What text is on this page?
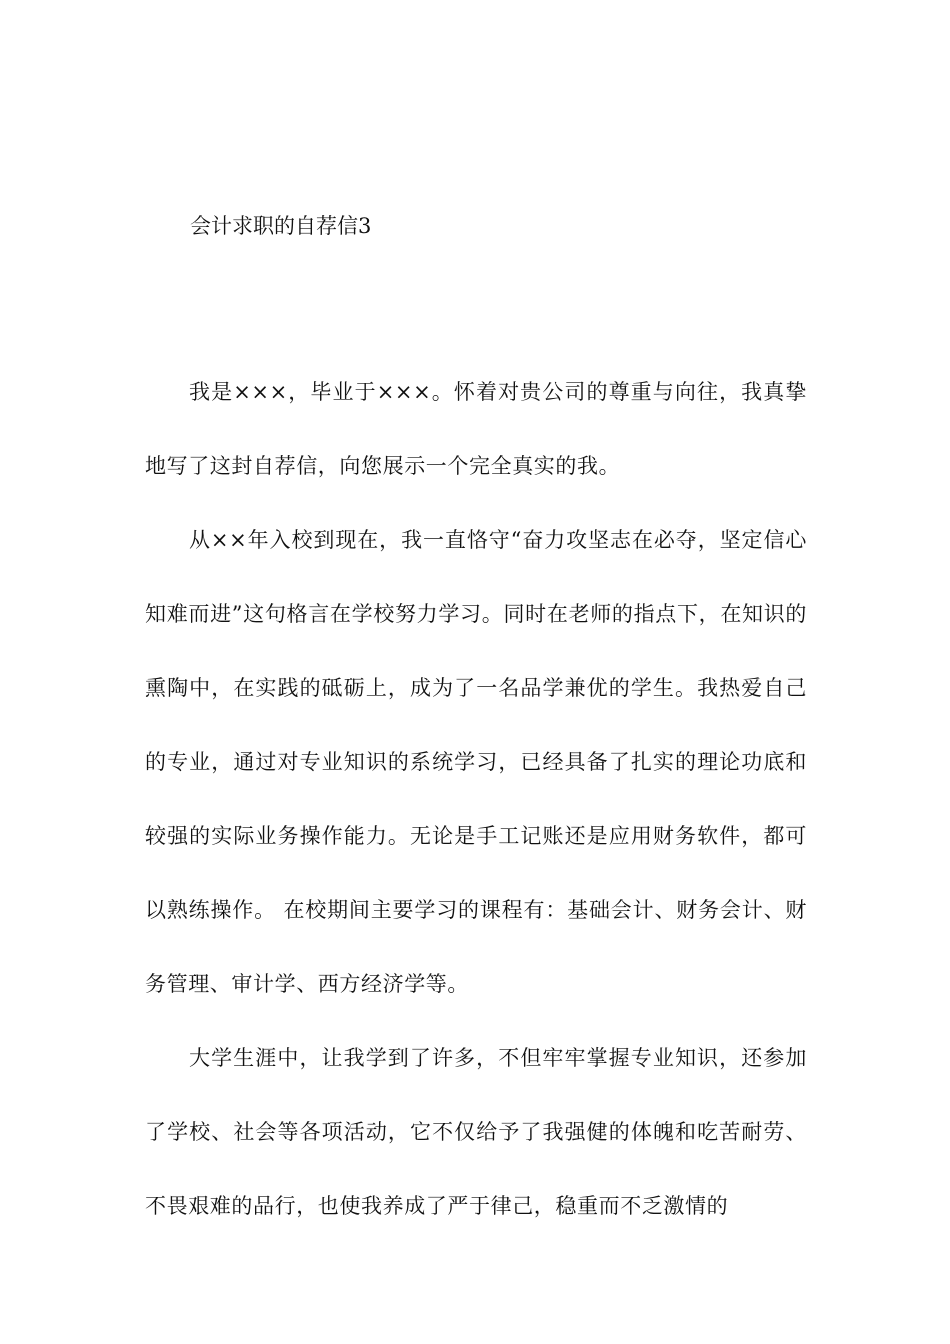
会计求职的自荐信3

我是×××，毕业于×××。怀着对贵公司的尊重与向往，我真挚地写了这封自荐信，向您展示一个完全真实的我。

从××年入校到现在，我一直恪守“奋力攻坚志在必夺，坚定信心知难而进”这句格言在学校努力学习。同时在老师的指点下，在知识的熏陶中，在实践的砥砺上，成为了一名品学兼优的学生。我热爱自己的专业，通过对专业知识的系统学习，已经具备了扎实的理论功底和较强的实际业务操作能力。无论是手工记账还是应用财务软件，都可以熟练操作。 在校期间主要学习的课程有：基础会计、财务会计、财务管理、审计学、西方经济学等。

大学生涯中，让我学到了许多，不但牢牢掌握专业知识，还参加了学校、社会等各项活动，它不仅给予了我强健的体魄和吃苦耐劳、不畏艰难的品行，也使我养成了严于律己，稳重而不乏激情的
